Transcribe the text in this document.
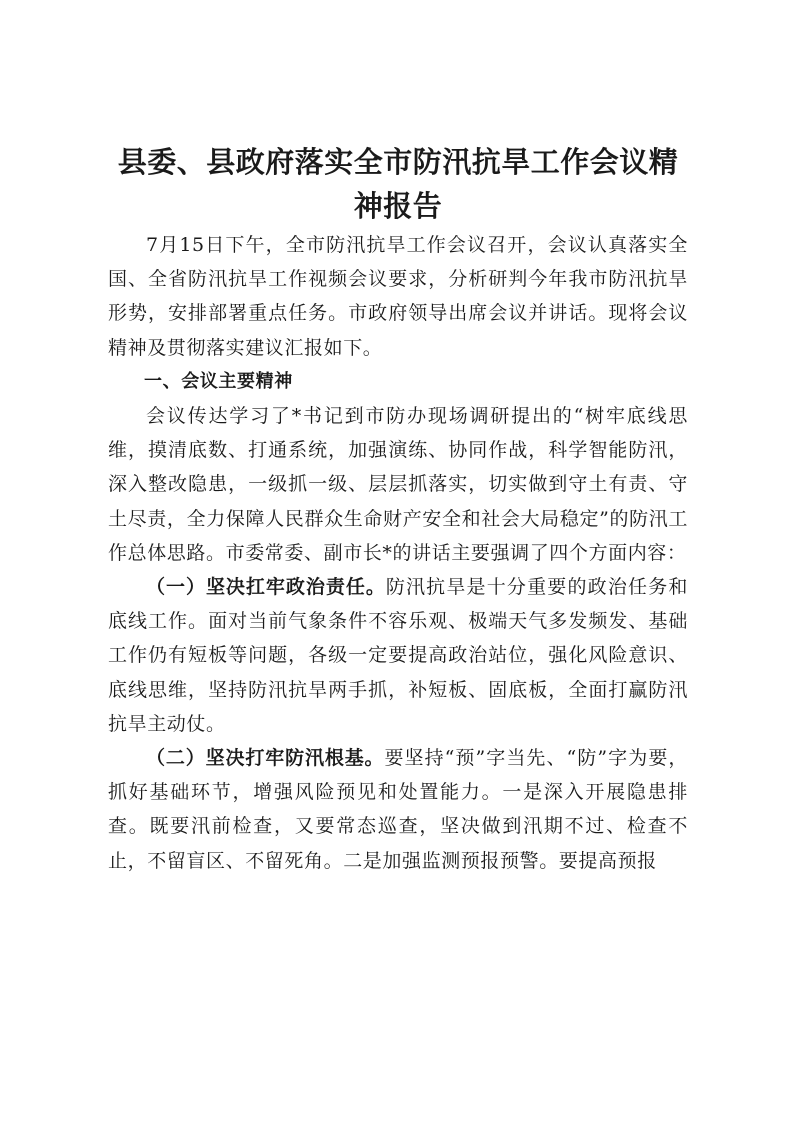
县委、县政府落实全市防汛抗旱工作会议精神报告

7月15日下午，全市防汛抗旱工作会议召开，会议认真落实全国、全省防汛抗旱工作视频会议要求，分析研判今年我市防汛抗旱形势，安排部署重点任务。市政府领导出席会议并讲话。现将会议精神及贯彻落实建议汇报如下。

一、会议主要精神

会议传达学习了*书记到市防办现场调研提出的“树牢底线思维，摸清底数、打通系统，加强演练、协同作战，科学智能防汛，深入整改隐患，一级抓一级、层层抓落实，切实做到守土有责、守土尽责，全力保障人民群众生命财产安全和社会大局稳定”的防汛工作总体思路。市委常委、副市长*的讲话主要强调了四个方面内容：

（一）坚决扛牢政治责任。防汛抗旱是十分重要的政治任务和底线工作。面对当前气象条件不容乐观、极端天气多发频发、基础工作仍有短板等问题，各级一定要提高政治站位，强化风险意识、底线思维，坚持防汛抗旱两手抓，补短板、固底板，全面打赢防汛抗旱主动仗。

（二）坚决打牢防汛根基。要坚持“预”字当先、“防”字为要，抓好基础环节，增强风险预见和处置能力。一是深入开展隐患排查。既要汛前检查，又要常态巡查，坚决做到汛期不过、检查不止，不留盲区、不留死角。二是加强监测预报预警。要提高预报
